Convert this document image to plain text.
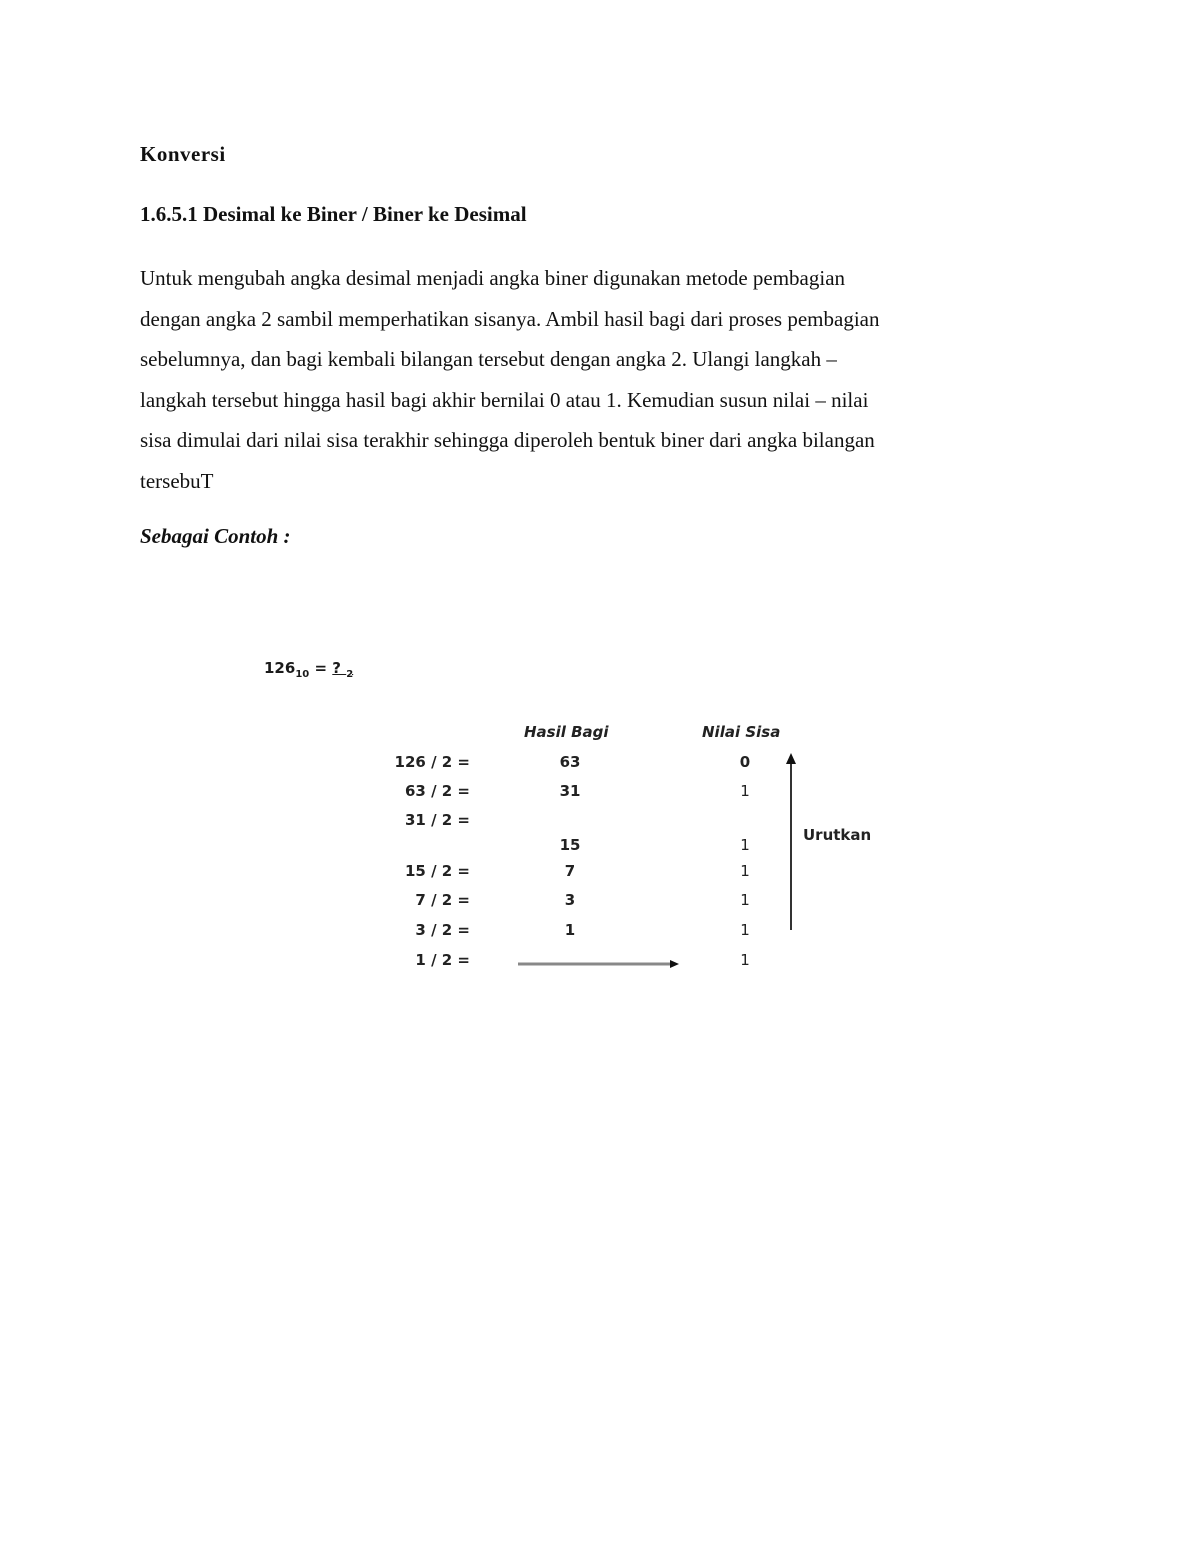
Konversi
1.6.5.1 Desimal ke Biner / Biner ke Desimal
Untuk mengubah angka desimal menjadi angka biner digunakan metode pembagian
dengan angka 2 sambil memperhatikan sisanya. Ambil hasil bagi dari proses pembagian
sebelumnya, dan bagi kembali bilangan tersebut dengan angka 2. Ulangi langkah –
langkah tersebut hingga hasil bagi akhir bernilai 0 atau 1. Kemudian susun nilai – nilai
sisa dimulai dari nilai sisa terakhir sehingga diperoleh bentuk biner dari angka bilangan
tersebuT
Sebagai Contoh :
$126_{10}$ = ? $_2$
Hasil Bagi	Nilai Sisa
126 / 2 =
63 / 2 =
31 / 2 =
15 / 2 =
7 / 2 =
3 / 2 =
1 / 2 =
63
31
15
7
3
1
0
1
1
1
1
1
1
Urutkan
